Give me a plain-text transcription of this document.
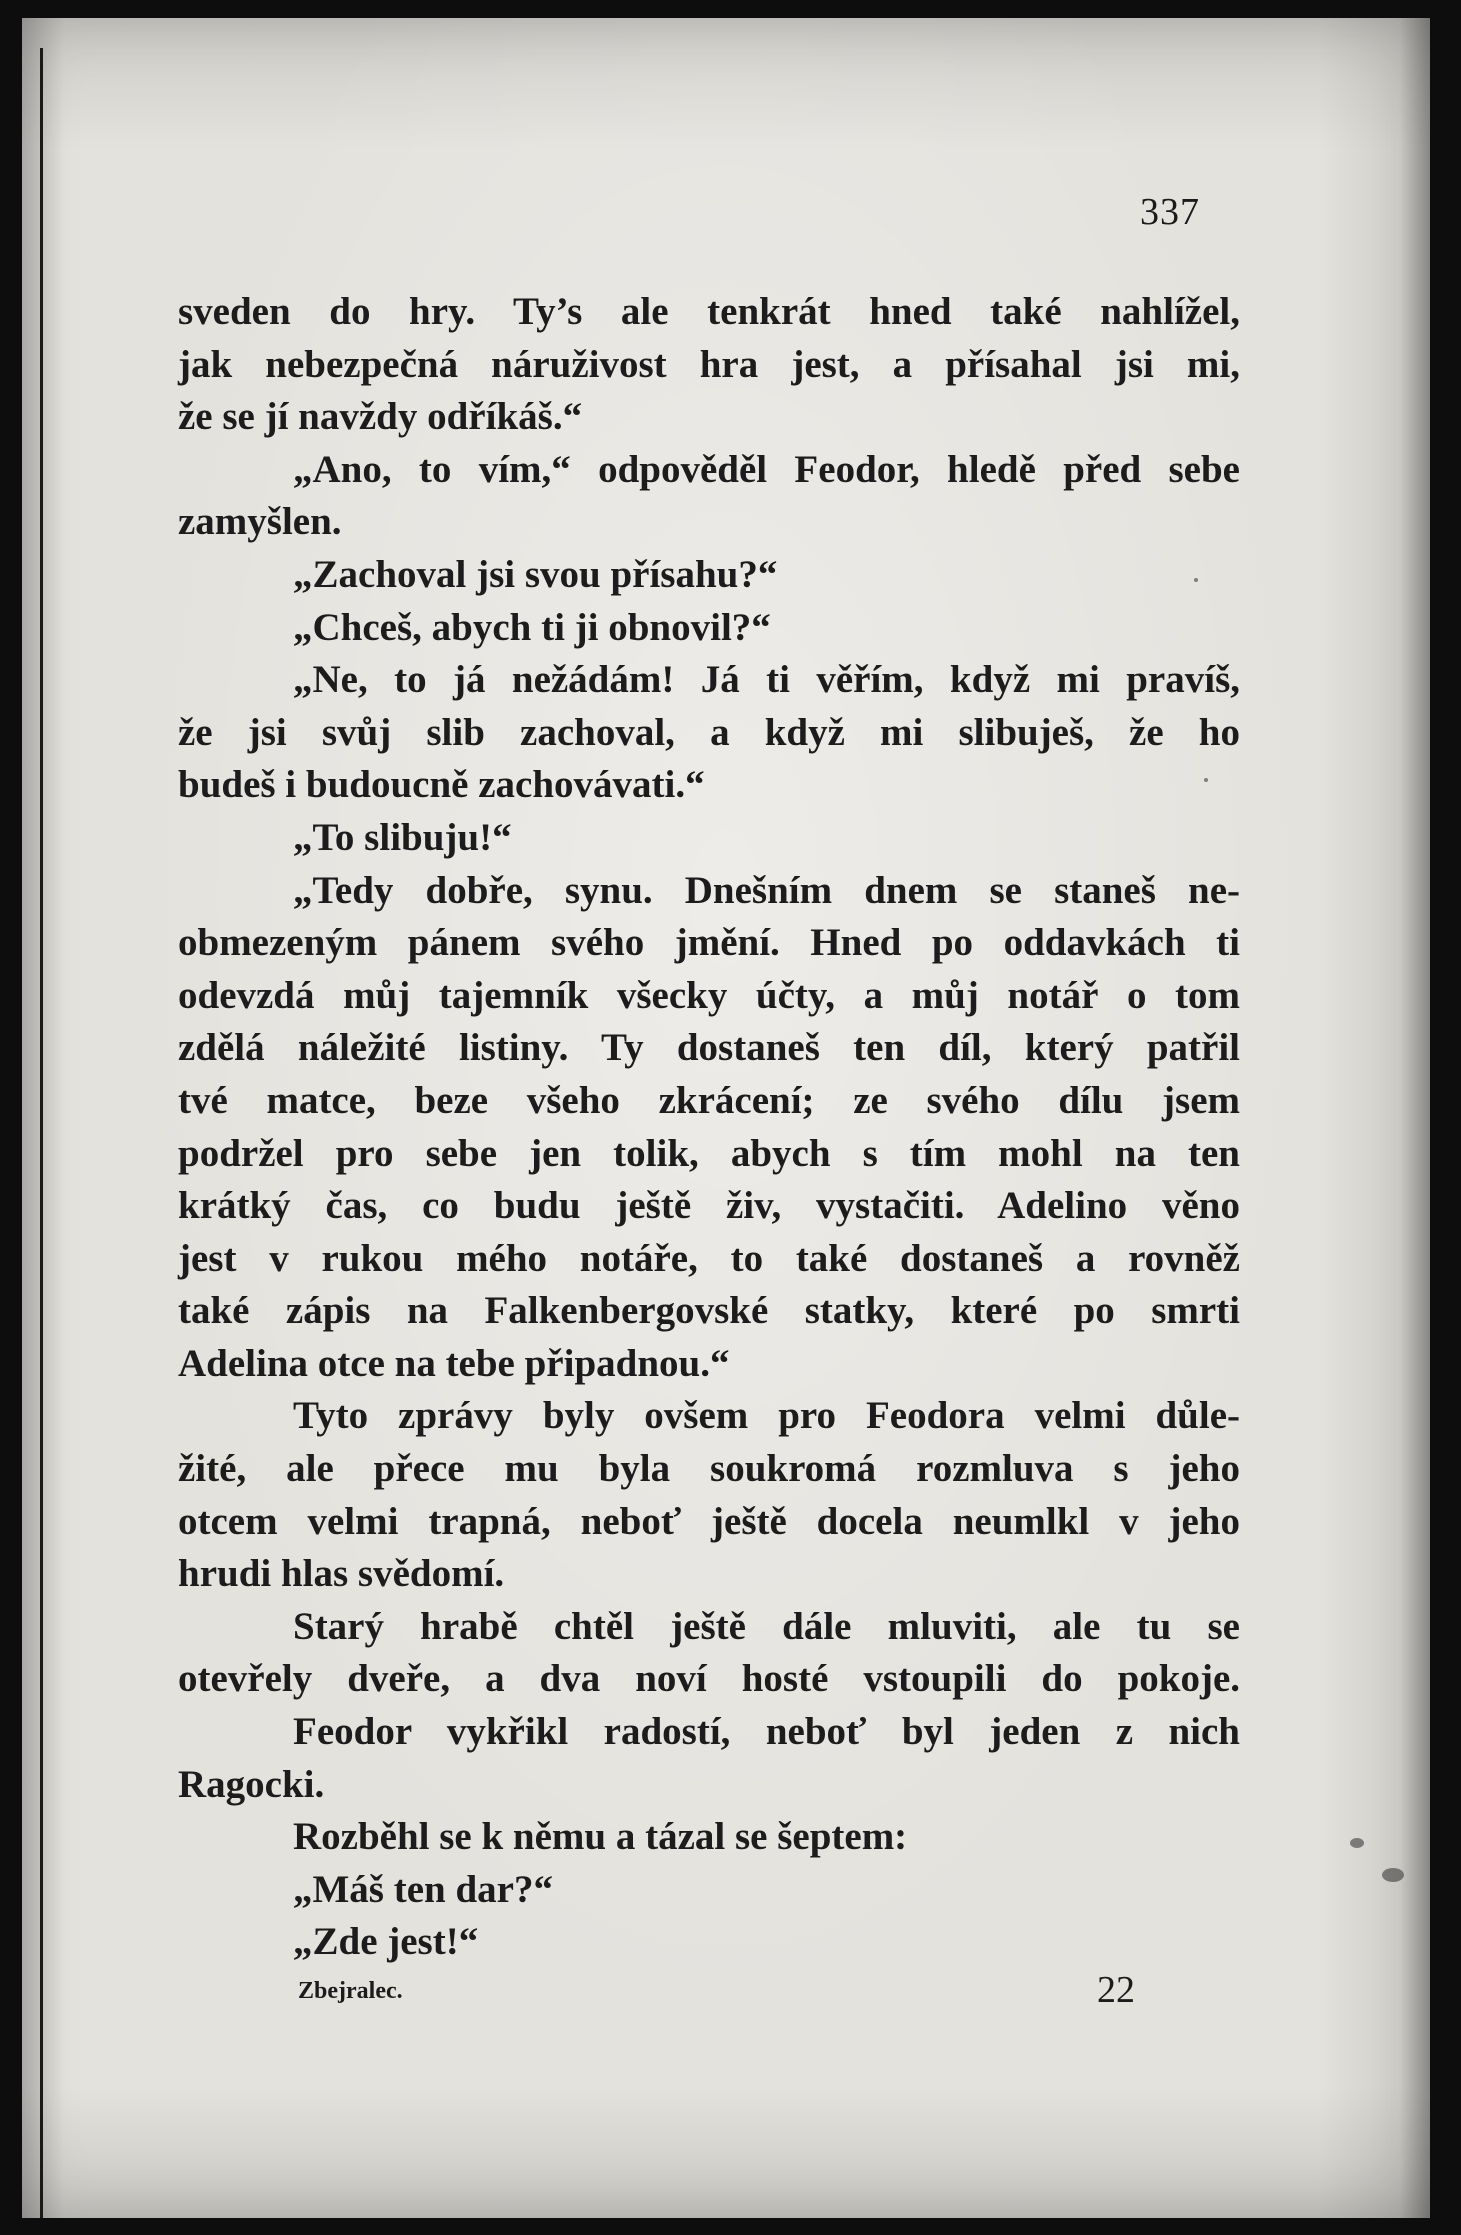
337
sveden do hry. Ty’s ale tenkrát hned také nahlížel,
jak nebezpečná náruživost hra jest, a přísahal jsi mi,
že se jí navždy odříkáš.“
„Ano, to vím,“ odpověděl Feodor, hledě před sebe
zamyšlen.
„Zachoval jsi svou přísahu?“
„Chceš, abych ti ji obnovil?“
„Ne, to já nežádám! Já ti věřím, když mi pravíš,
že jsi svůj slib zachoval, a když mi slibuješ, že ho
budeš i budoucně zachovávati.“
„To slibuju!“
„Tedy dobře, synu. Dnešním dnem se staneš ne-
obmezeným pánem svého jmění. Hned po oddavkách ti
odevzdá můj tajemník všecky účty, a můj notář o tom
zdělá náležité listiny. Ty dostaneš ten díl, který patřil
tvé matce, beze všeho zkrácení; ze svého dílu jsem
podržel pro sebe jen tolik, abych s tím mohl na ten
krátký čas, co budu ještě živ, vystačiti. Adelino věno
jest v rukou mého notáře, to také dostaneš a rovněž
také zápis na Falkenbergovské statky, které po smrti
Adelina otce na tebe připadnou.“
Tyto zprávy byly ovšem pro Feodora velmi důle-
žité, ale přece mu byla soukromá rozmluva s jeho
otcem velmi trapná, neboť ještě docela neumlkl v jeho
hrudi hlas svědomí.
Starý hrabě chtěl ještě dále mluviti, ale tu se
otevřely dveře, a dva noví hosté vstoupili do pokoje.
Feodor vykřikl radostí, neboť byl jeden z nich
Ragocki.
Rozběhl se k němu a tázal se šeptem:
„Máš ten dar?“
„Zde jest!“
Zbejralec.	22
